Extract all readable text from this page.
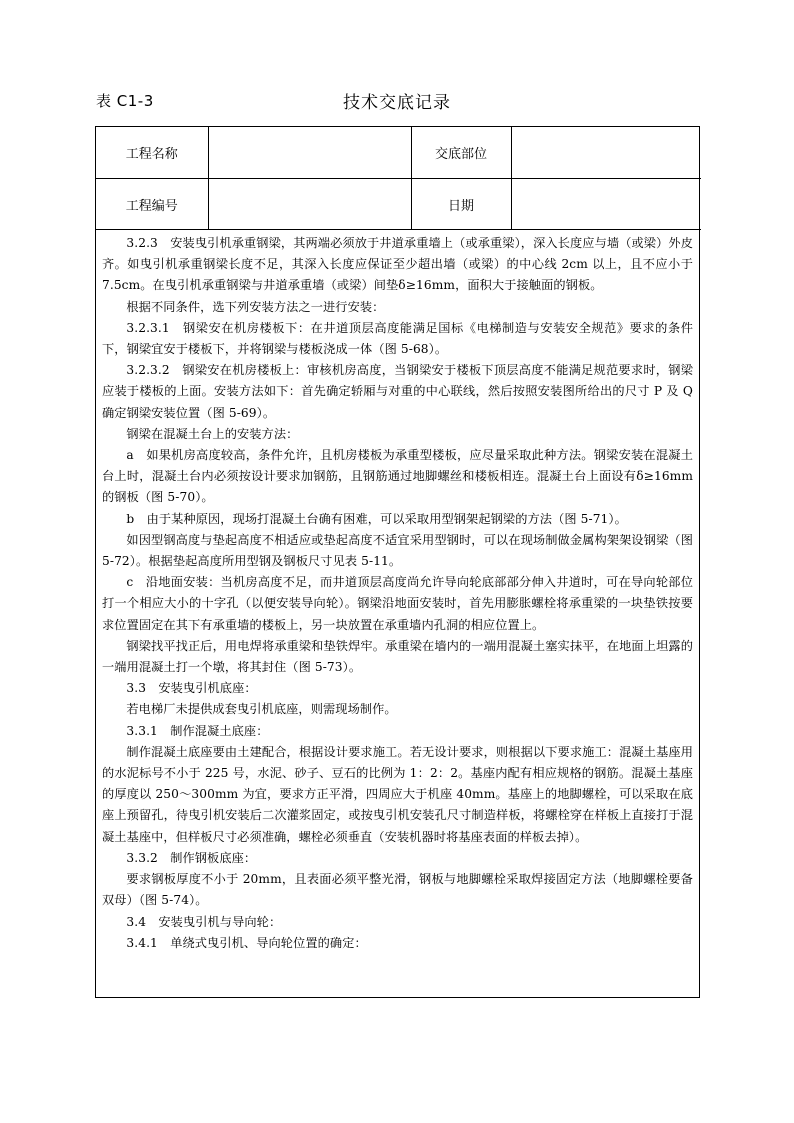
表 C1-3	技术交底记录
工程名称		交底部位	
工程编号		日期	

3.2.3　安装曳引机承重钢梁，其两端必须放于井道承重墙上（或承重梁），深入长度应与墙（或梁）外皮齐。如曳引机承重钢梁长度不足，其深入长度应保证至少超出墙（或梁）的中心线 2cm 以上，且不应小于 7.5cm。在曳引机承重钢梁与井道承重墙（或梁）间垫δ≥16mm，面积大于接触面的钢板。

根据不同条件，选下列安装方法之一进行安装：

3.2.3.1　钢梁安在机房楼板下：在井道顶层高度能满足国标《电梯制造与安装安全规范》要求的条件下，钢梁宜安于楼板下，并将钢梁与楼板浇成一体（图 5-68）。

3.2.3.2　钢梁安在机房楼板上：审核机房高度，当钢梁安于楼板下顶层高度不能满足规范要求时，钢梁应装于楼板的上面。安装方法如下：首先确定轿厢与对重的中心联线，然后按照安装图所给出的尺寸 P 及 Q 确定钢梁安装位置（图 5-69）。

钢梁在混凝土台上的安装方法：

a　如果机房高度较高，条件允许，且机房楼板为承重型楼板，应尽量采取此种方法。钢梁安装在混凝土台上时，混凝土台内必须按设计要求加钢筋，且钢筋通过地脚螺丝和楼板相连。混凝土台上面设有δ≥16mm 的钢板（图 5-70）。

b　由于某种原因，现场打混凝土台确有困难，可以采取用型钢架起钢梁的方法（图 5-71）。

如因型钢高度与垫起高度不相适应或垫起高度不适宜采用型钢时，可以在现场制做金属构架架设钢梁（图 5-72）。根据垫起高度所用型钢及钢板尺寸见表 5-11。

c　沿地面安装：当机房高度不足，而井道顶层高度尚允许导向轮底部部分伸入井道时，可在导向轮部位打一个相应大小的十字孔（以便安装导向轮）。钢梁沿地面安装时，首先用膨胀螺栓将承重梁的一块垫铁按要求位置固定在其下有承重墙的楼板上，另一块放置在承重墙内孔洞的相应位置上。

钢梁找平找正后，用电焊将承重梁和垫铁焊牢。承重梁在墙内的一端用混凝土塞实抹平，在地面上坦露的一端用混凝土打一个墩，将其封住（图 5-73）。

3.3　安装曳引机底座：

若电梯厂未提供成套曳引机底座，则需现场制作。

3.3.1　制作混凝土底座：

制作混凝土底座要由土建配合，根据设计要求施工。若无设计要求，则根据以下要求施工：混凝土基座用的水泥标号不小于 225 号，水泥、砂子、豆石的比例为 1：2：2。基座内配有相应规格的钢筋。混凝土基座的厚度以 250～300mm 为宜，要求方正平滑，四周应大于机座 40mm。基座上的地脚螺栓，可以采取在底座上预留孔，待曳引机安装后二次灌浆固定，或按曳引机安装孔尺寸制造样板，将螺栓穿在样板上直接打于混凝土基座中，但样板尺寸必须准确，螺栓必须垂直（安装机器时将基座表面的样板去掉）。

3.3.2　制作钢板底座：

要求钢板厚度不小于 20mm，且表面必须平整光滑，钢板与地脚螺栓采取焊接固定方法（地脚螺栓要备双母）（图 5-74）。

3.4　安装曳引机与导向轮：

3.4.1　单绕式曳引机、导向轮位置的确定：
